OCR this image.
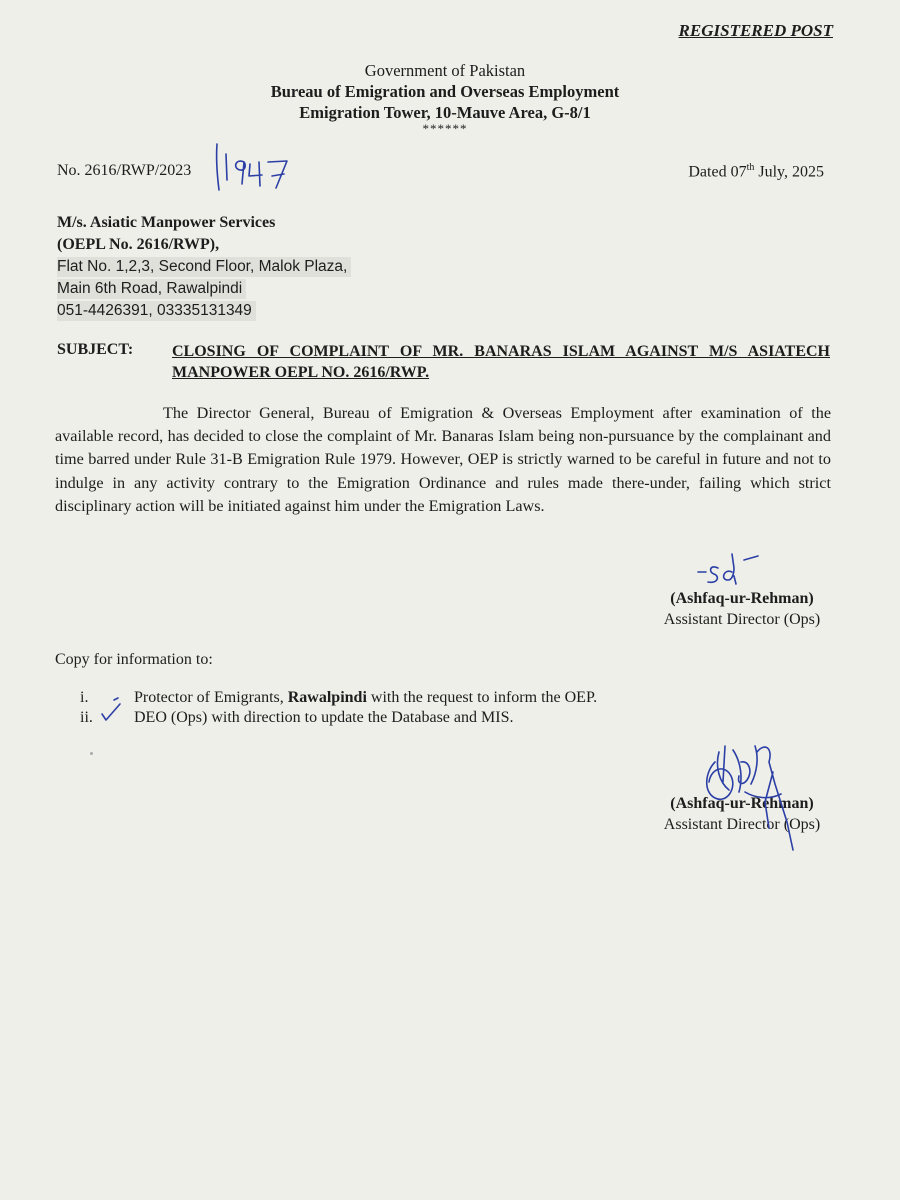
REGISTERED POST
Government of Pakistan
Bureau of Emigration and Overseas Employment
Emigration Tower, 10-Mauve Area, G-8/1
******
No. 2616/RWP/2023	Dated 07th July, 2025
M/s. Asiatic Manpower Services
(OEPL No. 2616/RWP),
Flat No. 1,2,3, Second Floor, Malok Plaza,
Main 6th Road, Rawalpindi
051-4426391, 03335131349
SUBJECT: CLOSING OF COMPLAINT OF MR. BANARAS ISLAM AGAINST M/S ASIATECH MANPOWER OEPL NO. 2616/RWP.
The Director General, Bureau of Emigration & Overseas Employment after examination of the available record, has decided to close the complaint of Mr. Banaras Islam being non-pursuance by the complainant and time barred under Rule 31-B Emigration Rule 1979. However, OEP is strictly warned to be careful in future and not to indulge in any activity contrary to the Emigration Ordinance and rules made there-under, failing which strict disciplinary action will be initiated against him under the Emigration Laws.
(Ashfaq-ur-Rehman)
Assistant Director (Ops)
Copy for information to:
i.	Protector of Emigrants, Rawalpindi with the request to inform the OEP.
ii.	DEO (Ops) with direction to update the Database and MIS.
(Ashfaq-ur-Rehman)
Assistant Director (Ops)
